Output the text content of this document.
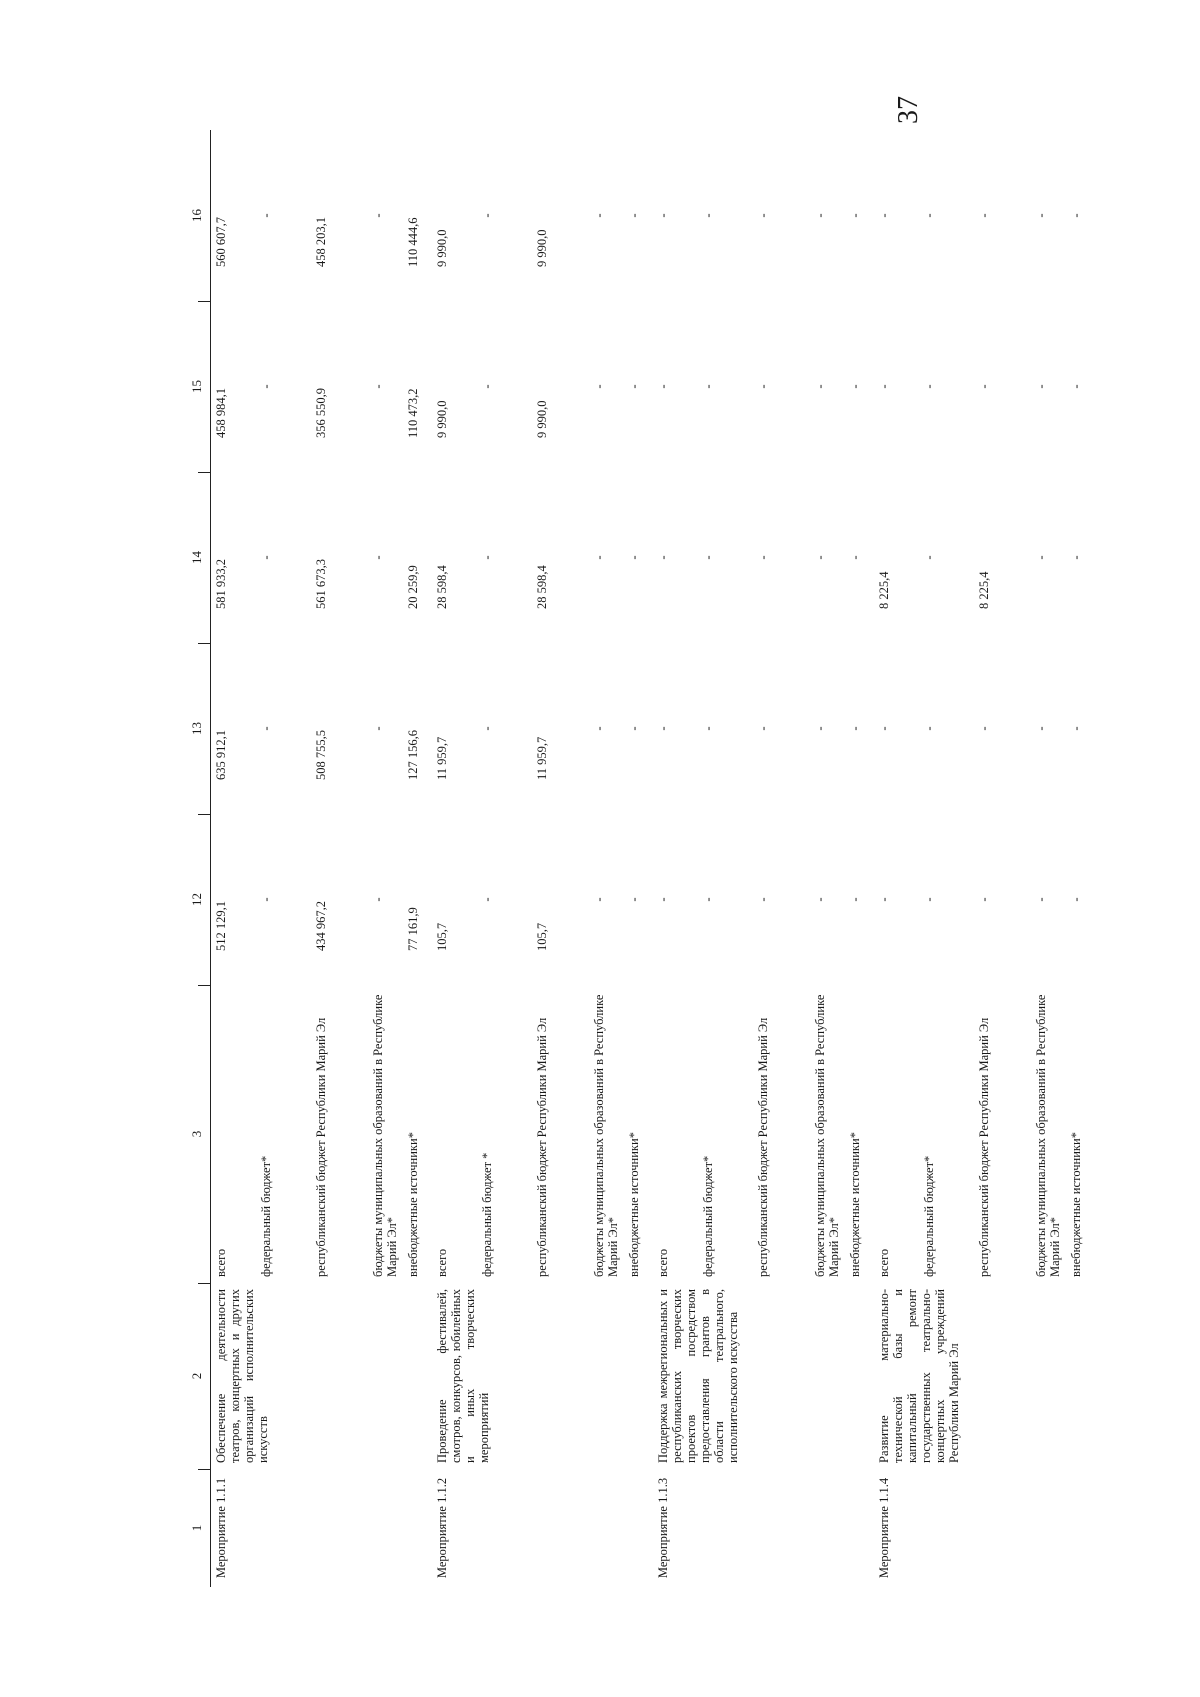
37
1	2	3	12	13	14	15	16
Мероприятие 1.1.1	Обеспечение деятельности театров, концертных и других организаций исполнительских искусств	всего	512 129,1	635 912,1	581 933,2	458 984,1	560 607,7
		федеральный бюджет*	-	-	-	-	-
		республиканский бюджет Республики Марий Эл	434 967,2	508 755,5	561 673,3	356 550,9	458 203,1
		бюджеты муниципальных образований в Республике Марий Эл*	-	-	-	-	-
		внебюджетные источники*	77 161,9	127 156,6	20 259,9	110 473,2	110 444,6
Мероприятие 1.1.2	Проведение фестивалей, смотров, конкурсов, юбилейных и иных творческих мероприятий	всего	105,7	11 959,7	28 598,4	9 990,0	9 990,0
		федеральный бюджет *	-	-	-	-	-
		республиканский бюджет Республики Марий Эл	105,7	11 959,7	28 598,4	9 990,0	9 990,0
		бюджеты муниципальных образований в Республике Марий Эл*	-	-	-	-	-
		внебюджетные источники*	-	-	-	-	-
Мероприятие 1.1.3	Поддержка межрегиональных и республиканских творческих проектов посредством предоставления грантов в области театрального, исполнительского искусства	всего	-	-	-	-	-
		федеральный бюджет*	-	-	-	-	-
		республиканский бюджет Республики Марий Эл	-	-	-	-	-
		бюджеты муниципальных образований в Республике Марий Эл*	-	-	-	-	-
		внебюджетные источники*	-	-	-	-	-
Мероприятие 1.1.4	Развитие материально-технической базы и капитальный ремонт государственных театрально-концертных учреждений Республики Марий Эл	всего	-	-	8 225,4	-	-
		федеральный бюджет*	-	-	-	-	-
		республиканский бюджет Республики Марий Эл	-	-	8 225,4	-	-
		бюджеты муниципальных образований в Республике Марий Эл*	-	-	-	-	-
		внебюджетные источники*	-	-	-	-	-
